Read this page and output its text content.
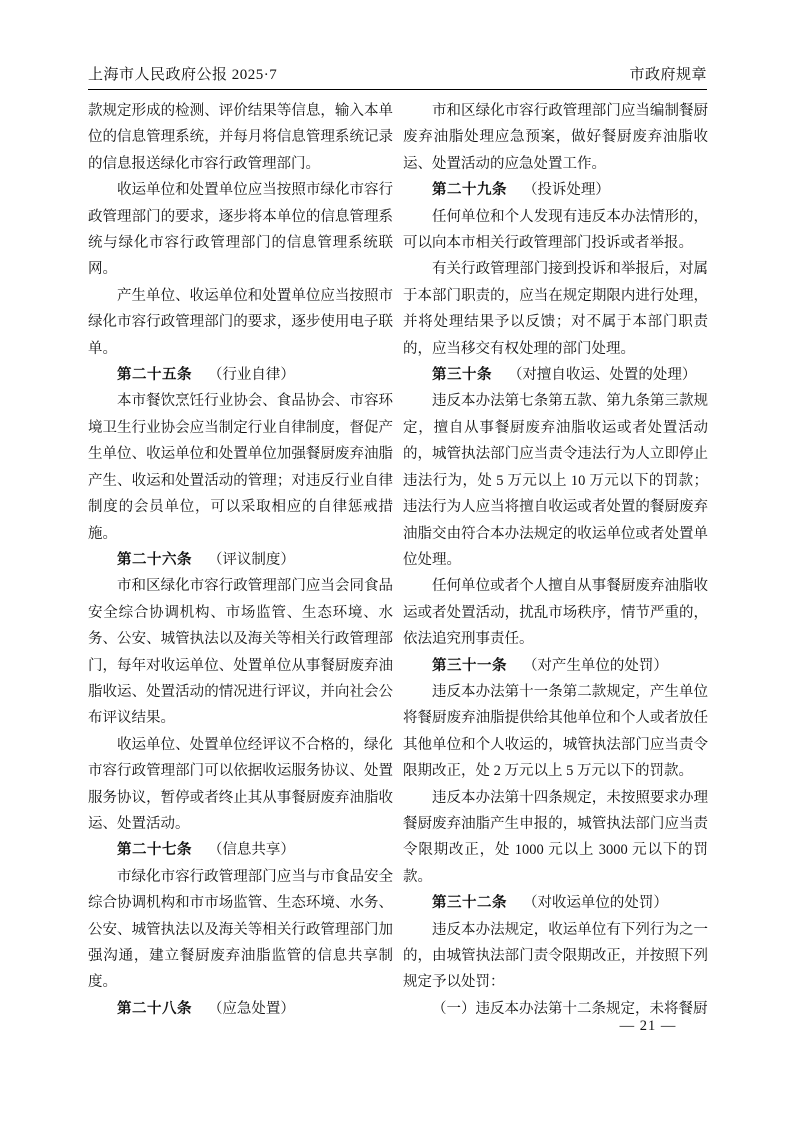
上海市人民政府公报 2025·7	市政府规章

款规定形成的检测、评价结果等信息，输入本单位的信息管理系统，并每月将信息管理系统记录的信息报送绿化市容行政管理部门。

收运单位和处置单位应当按照市绿化市容行政管理部门的要求，逐步将本单位的信息管理系统与绿化市容行政管理部门的信息管理系统联网。

产生单位、收运单位和处置单位应当按照市绿化市容行政管理部门的要求，逐步使用电子联单。

第二十五条 （行业自律）

本市餐饮烹饪行业协会、食品协会、市容环境卫生行业协会应当制定行业自律制度，督促产生单位、收运单位和处置单位加强餐厨废弃油脂产生、收运和处置活动的管理；对违反行业自律制度的会员单位，可以采取相应的自律惩戒措施。

第二十六条 （评议制度）

市和区绿化市容行政管理部门应当会同食品安全综合协调机构、市场监管、生态环境、水务、公安、城管执法以及海关等相关行政管理部门，每年对收运单位、处置单位从事餐厨废弃油脂收运、处置活动的情况进行评议，并向社会公布评议结果。

收运单位、处置单位经评议不合格的，绿化市容行政管理部门可以依据收运服务协议、处置服务协议，暂停或者终止其从事餐厨废弃油脂收运、处置活动。

第二十七条 （信息共享）

市绿化市容行政管理部门应当与市食品安全综合协调机构和市市场监管、生态环境、水务、公安、城管执法以及海关等相关行政管理部门加强沟通，建立餐厨废弃油脂监管的信息共享制度。

第二十八条 （应急处置）

市和区绿化市容行政管理部门应当编制餐厨废弃油脂处理应急预案，做好餐厨废弃油脂收运、处置活动的应急处置工作。

第二十九条 （投诉处理）

任何单位和个人发现有违反本办法情形的，可以向本市相关行政管理部门投诉或者举报。

有关行政管理部门接到投诉和举报后，对属于本部门职责的，应当在规定期限内进行处理，并将处理结果予以反馈；对不属于本部门职责的，应当移交有权处理的部门处理。

第三十条 （对擅自收运、处置的处理）

违反本办法第七条第五款、第九条第三款规定，擅自从事餐厨废弃油脂收运或者处置活动的，城管执法部门应当责令违法行为人立即停止违法行为，处 5 万元以上 10 万元以下的罚款；违法行为人应当将擅自收运或者处置的餐厨废弃油脂交由符合本办法规定的收运单位或者处置单位处理。

任何单位或者个人擅自从事餐厨废弃油脂收运或者处置活动，扰乱市场秩序，情节严重的，依法追究刑事责任。

第三十一条 （对产生单位的处罚）

违反本办法第十一条第二款规定，产生单位将餐厨废弃油脂提供给其他单位和个人或者放任其他单位和个人收运的，城管执法部门应当责令限期改正，处 2 万元以上 5 万元以下的罚款。

违反本办法第十四条规定，未按照要求办理餐厨废弃油脂产生申报的，城管执法部门应当责令限期改正，处 1000 元以上 3000 元以下的罚款。

第三十二条 （对收运单位的处罚）

违反本办法规定，收运单位有下列行为之一的，由城管执法部门责令限期改正，并按照下列规定予以处罚：

（一）违反本办法第十二条规定，未将餐厨

— 21 —
